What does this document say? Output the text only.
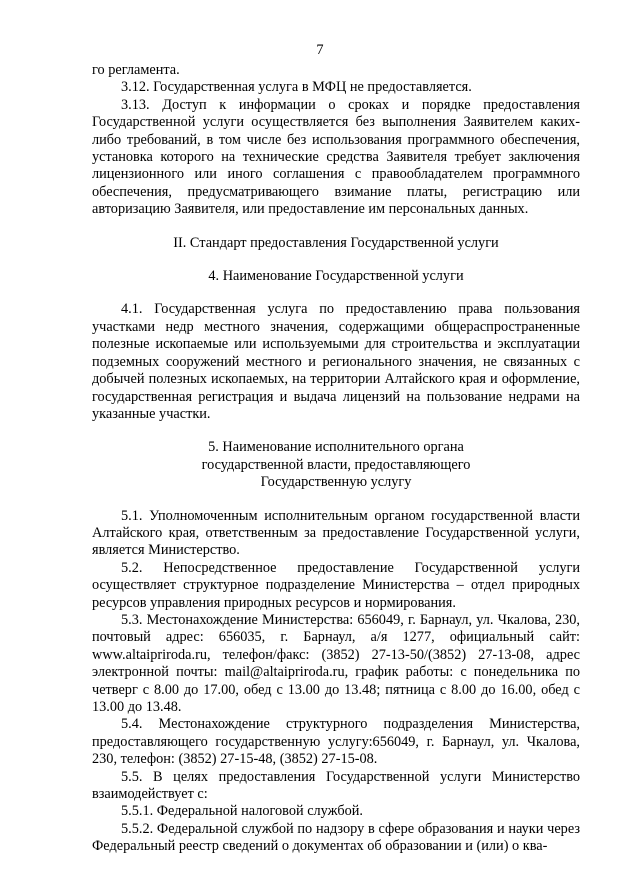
7

го регламента.

3.12. Государственная услуга в МФЦ не предоставляется.

3.13. Доступ к информации о сроках и порядке предоставления Государственной услуги осуществляется без выполнения Заявителем каких-либо требований, в том числе без использования программного обеспечения, установка которого на технические средства Заявителя требует заключения лицензионного или иного соглашения с правообладателем программного обеспечения, предусматривающего взимание платы, регистрацию или авторизацию Заявителя, или предоставление им персональных данных.

II. Стандарт предоставления Государственной услуги

4. Наименование Государственной услуги

4.1. Государственная услуга по предоставлению права пользования участками недр местного значения, содержащими общераспространенные полезные ископаемые или используемыми для строительства и эксплуатации подземных сооружений местного и регионального значения, не связанных с добычей полезных ископаемых, на территории Алтайского края и оформление, государственная регистрация и выдача лицензий на пользование недрами на указанные участки.

5. Наименование исполнительного органа

государственной власти, предоставляющего

Государственную услугу

5.1. Уполномоченным исполнительным органом государственной власти Алтайского края, ответственным за предоставление Государственной услуги, является Министерство.

5.2. Непосредственное предоставление Государственной услуги осуществляет структурное подразделение Министерства – отдел природных ресурсов управления природных ресурсов и нормирования.

5.3. Местонахождение Министерства: 656049, г. Барнаул, ул. Чкалова, 230, почтовый адрес: 656035, г. Барнаул, а/я 1277, официальный сайт: www.altaipriroda.ru, телефон/факс: (3852) 27-13-50/(3852) 27-13-08, адрес электронной почты: mail@altaipriroda.ru, график работы: с понедельника по четверг с 8.00 до 17.00, обед с 13.00 до 13.48; пятница с 8.00 до 16.00, обед с 13.00 до 13.48.

5.4. Местонахождение структурного подразделения Министерства, предоставляющего государственную услугу:656049, г. Барнаул, ул. Чкалова, 230, телефон: (3852) 27-15-48, (3852) 27-15-08.

5.5. В целях предоставления Государственной услуги Министерство взаимодействует с:

5.5.1. Федеральной налоговой службой.

5.5.2. Федеральной службой по надзору в сфере образования и науки через Федеральный реестр сведений о документах об образовании и (или) о ква-
